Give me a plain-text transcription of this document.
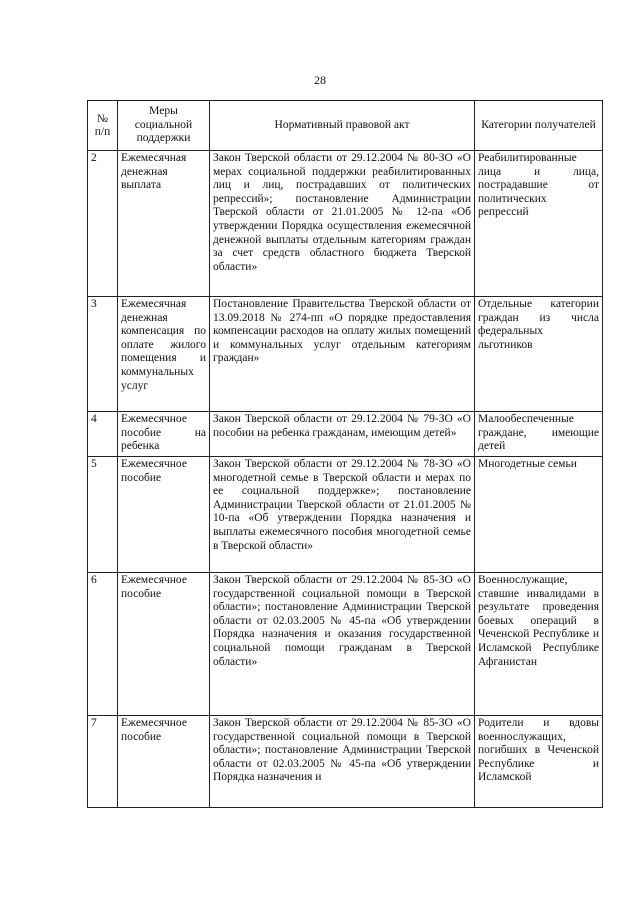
28
№ п/п	Меры социальной поддержки	Нормативный правовой акт	Категории получателей
2	Ежемесячная денежная выплата	Закон Тверской области от 29.12.2004 № 80-ЗО «О мерах социальной поддержки реабилитированных лиц и лиц, пострадавших от политических репрессий»; постановление Администрации Тверской области от 21.01.2005 № 12-па «Об утверждении Порядка осуществления ежемесячной денежной выплаты отдельным категориям граждан за счет средств областного бюджета Тверской области»	Реабилитированные лица и лица, пострадавшие от политических репрессий
3	Ежемесячная денежная компенсация по оплате жилого помещения и коммунальных услуг	Постановление Правительства Тверской области от 13.09.2018 № 274-пп «О порядке предоставления компенсации расходов на оплату жилых помещений и коммунальных услуг отдельным категориям граждан»	Отдельные категории граждан из числа федеральных льготников
4	Ежемесячное пособие на ребенка	Закон Тверской области от 29.12.2004 № 79-ЗО «О пособии на ребенка гражданам, имеющим детей»	Малообеспеченные граждане, имеющие детей
5	Ежемесячное пособие	Закон Тверской области от 29.12.2004 № 78-ЗО «О многодетной семье в Тверской области и мерах по ее социальной поддержке»; постановление Администрации Тверской области от 21.01.2005 № 10-па «Об утверждении Порядка назначения и выплаты ежемесячного пособия многодетной семье в Тверской области»	Многодетные семьи
6	Ежемесячное пособие	Закон Тверской области от 29.12.2004 № 85-ЗО «О государственной социальной помощи в Тверской области»; постановление Администрации Тверской области от 02.03.2005 № 45-па «Об утверждении Порядка назначения и оказания государственной социальной помощи гражданам в Тверской области»	Военнослужащие, ставшие инвалидами в результате проведения боевых операций в Чеченской Республике и Исламской Республике Афганистан
7	Ежемесячное пособие	Закон Тверской области от 29.12.2004 № 85-ЗО «О государственной социальной помощи в Тверской области»; постановление Администрации Тверской области от 02.03.2005 № 45-па «Об утверждении Порядка назначения и	Родители и вдовы военнослужащих, погибших в Чеченской Республике и Исламской
